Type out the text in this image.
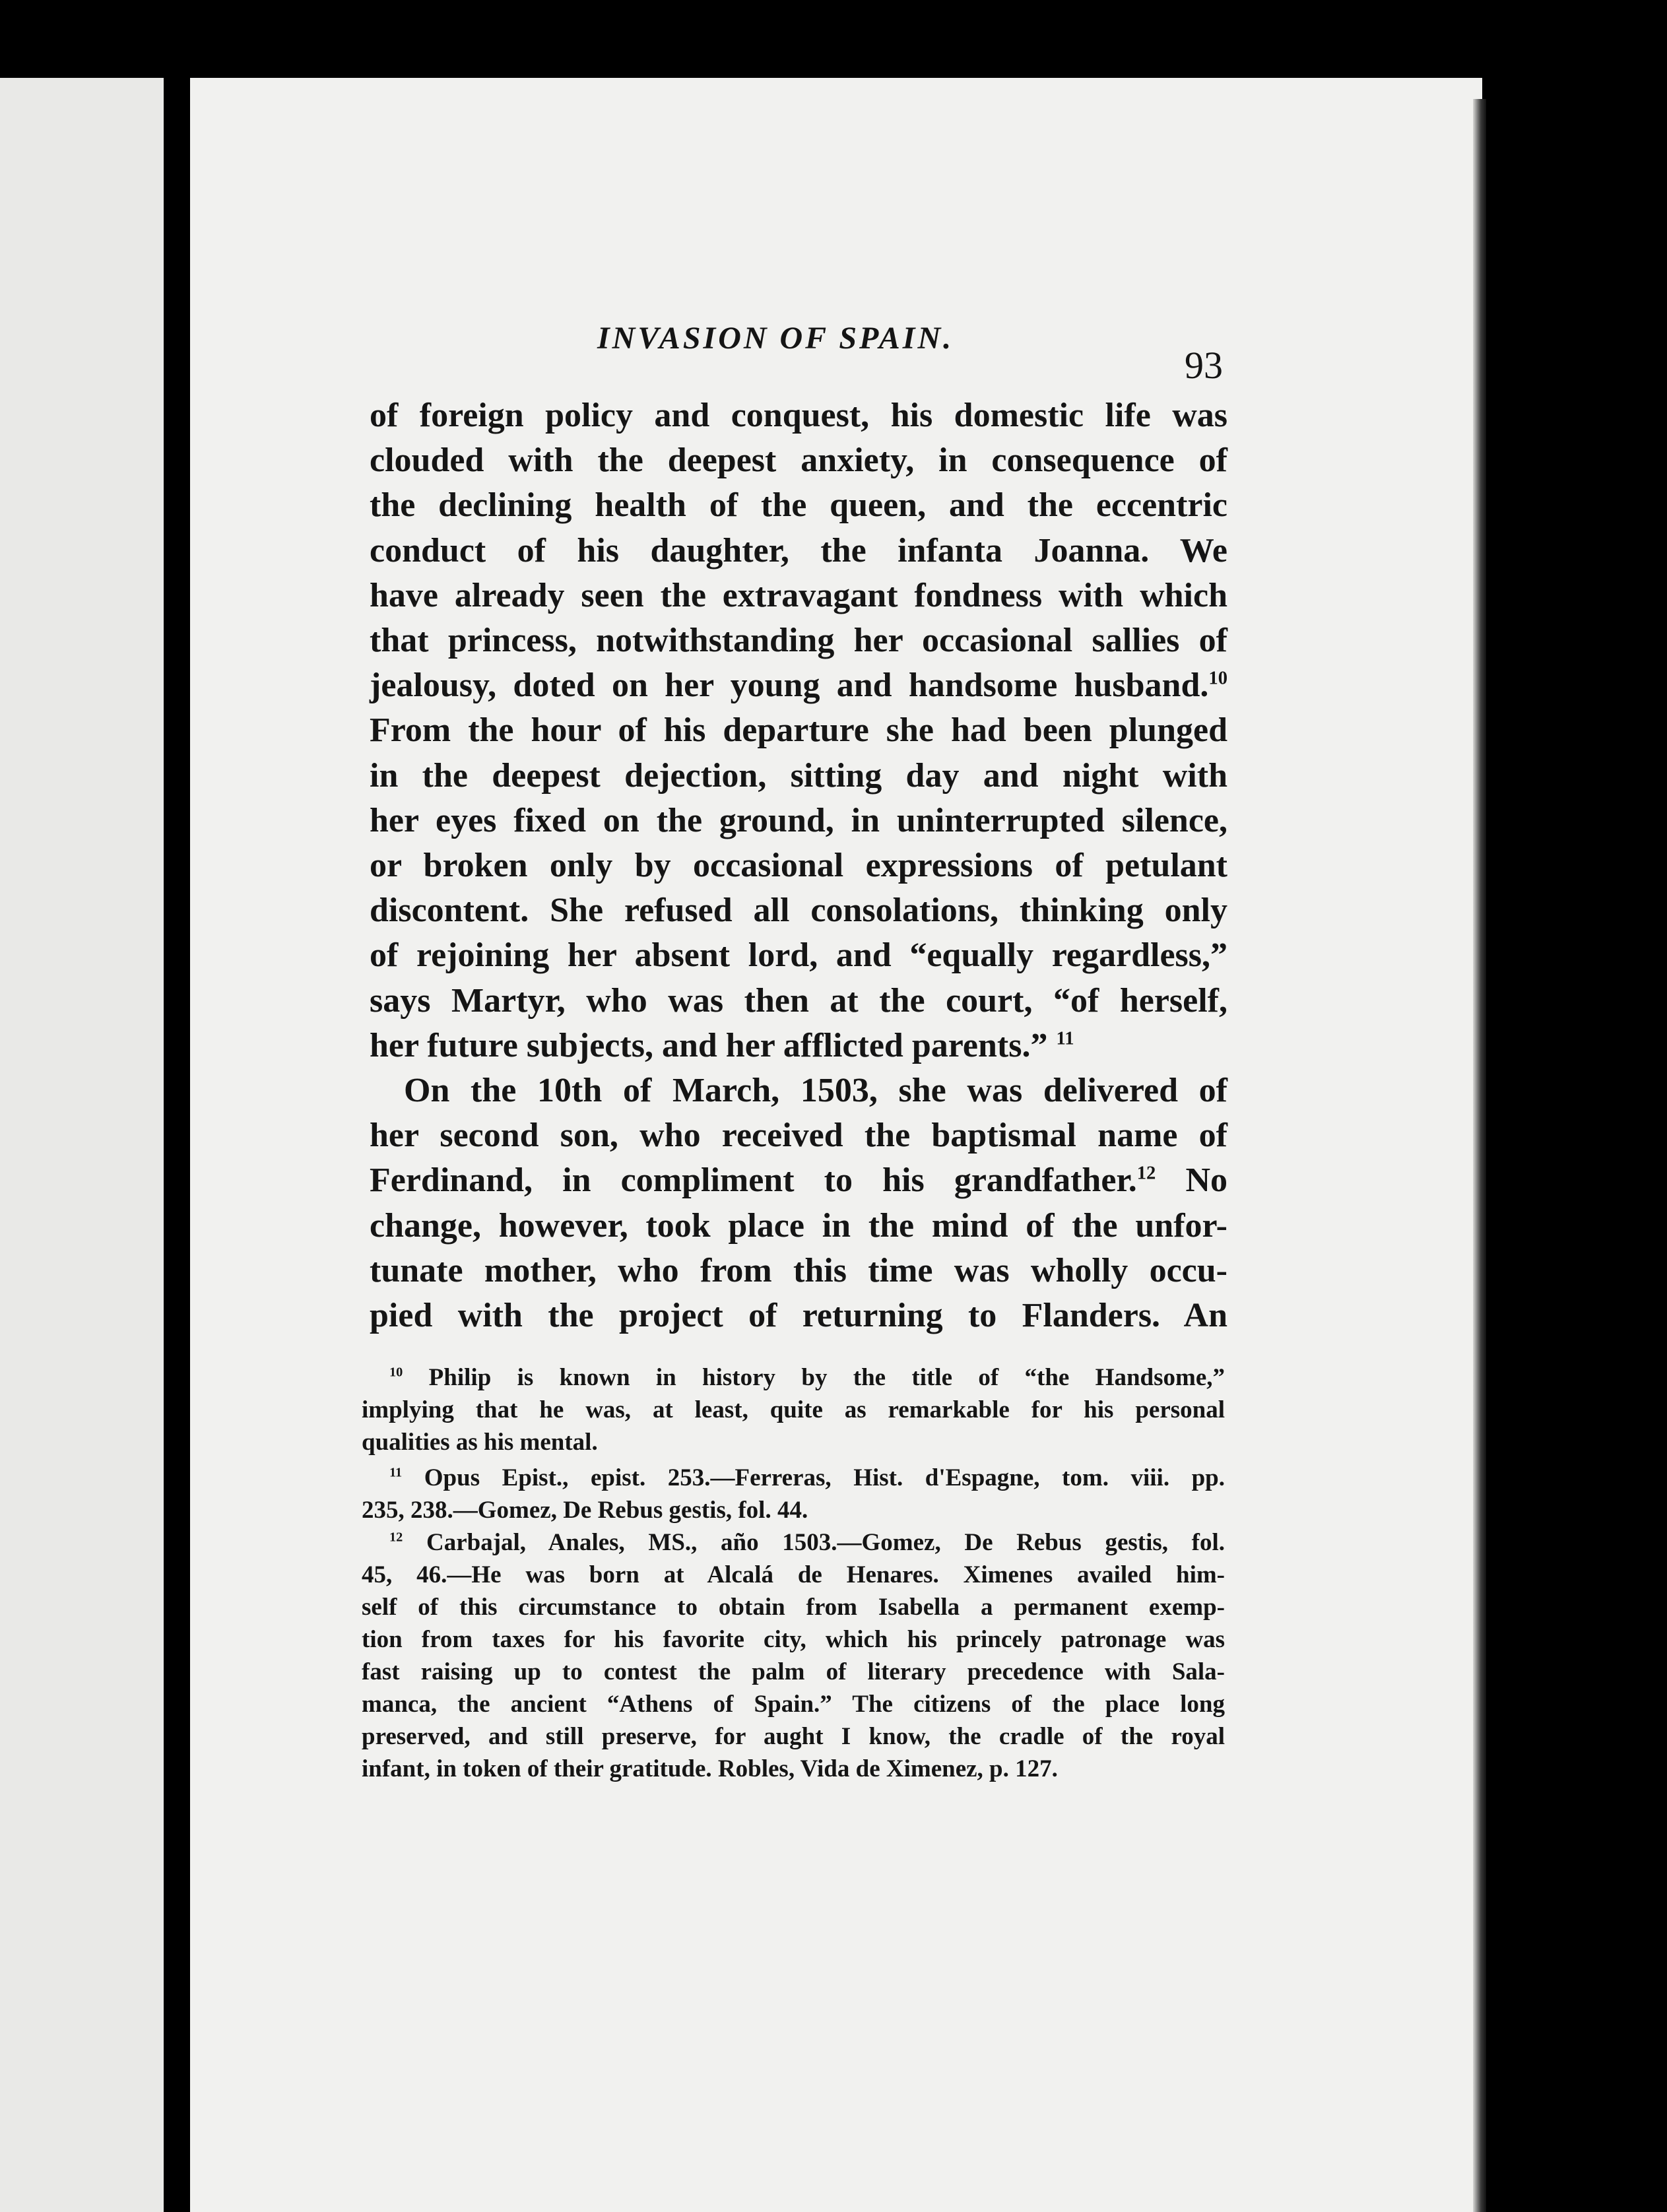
INVASION OF SPAIN.
93
of foreign policy and conquest, his domestic life was
clouded with the deepest anxiety, in consequence of
the declining health of the queen, and the eccentric
conduct of his daughter, the infanta Joanna. We
have already seen the extravagant fondness with which
that princess, notwithstanding her occasional sallies of
jealousy, doted on her young and handsome husband.$^{10}$
From the hour of his departure she had been plunged
in the deepest dejection, sitting day and night with
her eyes fixed on the ground, in uninterrupted silence,
or broken only by occasional expressions of petulant
discontent. She refused all consolations, thinking only
of rejoining her absent lord, and “equally regardless,”
says Martyr, who was then at the court, “of herself,
her future subjects, and her afflicted parents.” $^{11}$
On the 10th of March, 1503, she was delivered of
her second son, who received the baptismal name of
Ferdinand, in compliment to his grandfather.$^{12}$ No
change, however, took place in the mind of the unfor-
tunate mother, who from this time was wholly occu-
pied with the project of returning to Flanders. An
$^{10}$ Philip is known in history by the title of “the Handsome,”
implying that he was, at least, quite as remarkable for his personal
qualities as his mental.
$^{11}$ Opus Epist., epist. 253.—Ferreras, Hist. d'Espagne, tom. viii. pp.
235, 238.—Gomez, De Rebus gestis, fol. 44.
$^{12}$ Carbajal, Anales, MS., año 1503.—Gomez, De Rebus gestis, fol.
45, 46.—He was born at Alcalá de Henares. Ximenes availed him-
self of this circumstance to obtain from Isabella a permanent exemp-
tion from taxes for his favorite city, which his princely patronage was
fast raising up to contest the palm of literary precedence with Sala-
manca, the ancient “Athens of Spain.” The citizens of the place long
preserved, and still preserve, for aught I know, the cradle of the royal
infant, in token of their gratitude. Robles, Vida de Ximenez, p. 127.
